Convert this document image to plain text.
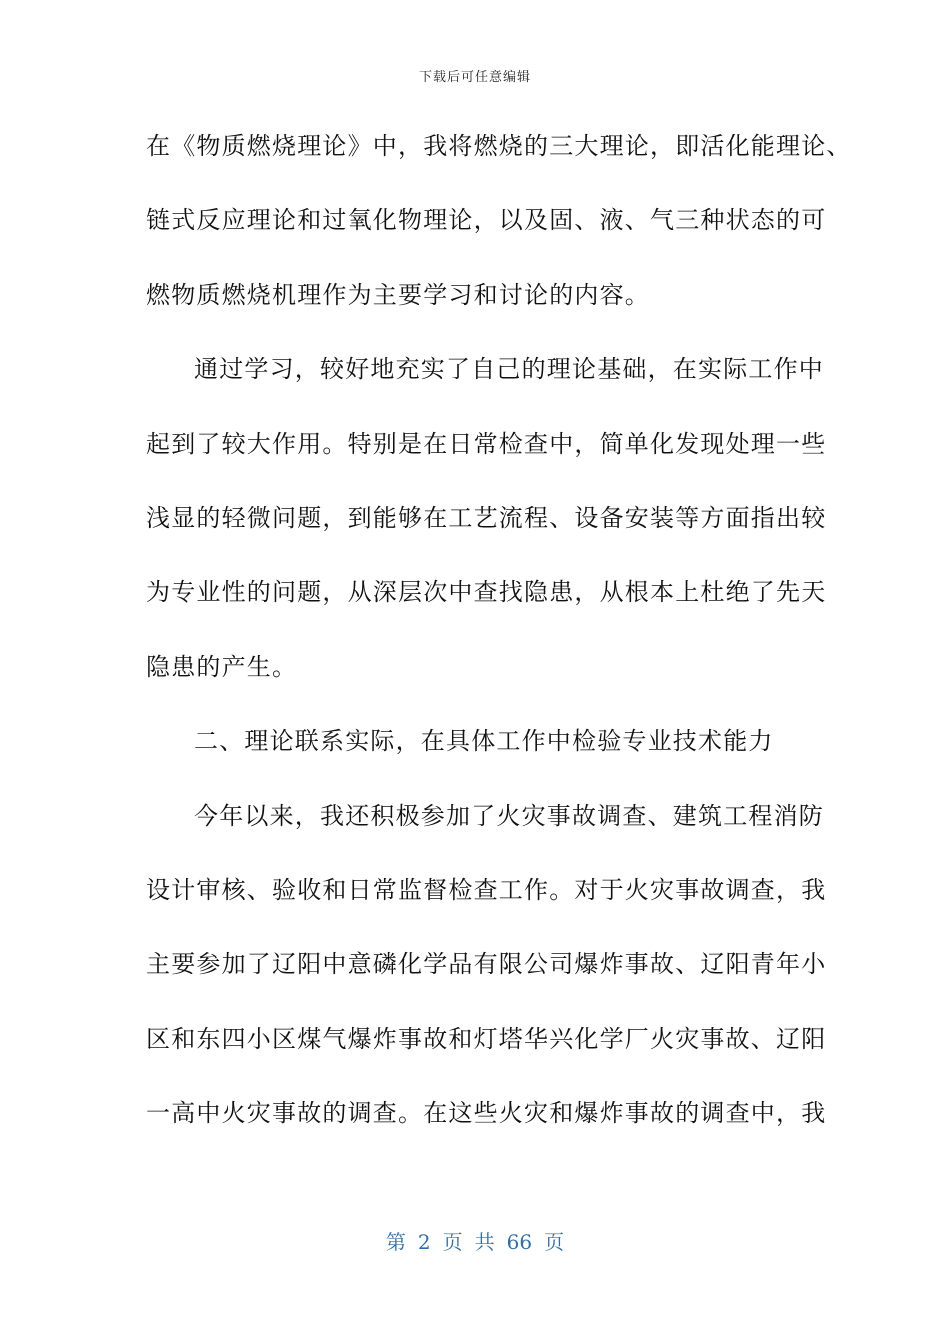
下载后可任意编辑
在《物质燃烧理论》中，我将燃烧的三大理论，即活化能理论、
链式反应理论和过氧化物理论，以及固、液、气三种状态的可
燃物质燃烧机理作为主要学习和讨论的内容。
通过学习，较好地充实了自己的理论基础，在实际工作中
起到了较大作用。特别是在日常检查中，简单化发现处理一些
浅显的轻微问题，到能够在工艺流程、设备安装等方面指出较
为专业性的问题，从深层次中查找隐患，从根本上杜绝了先天
隐患的产生。
二、理论联系实际，在具体工作中检验专业技术能力
今年以来，我还积极参加了火灾事故调查、建筑工程消防
设计审核、验收和日常监督检查工作。对于火灾事故调查，我
主要参加了辽阳中意磷化学品有限公司爆炸事故、辽阳青年小
区和东四小区煤气爆炸事故和灯塔华兴化学厂火灾事故、辽阳
一高中火灾事故的调查。在这些火灾和爆炸事故的调查中，我
第 2 页 共 66 页
